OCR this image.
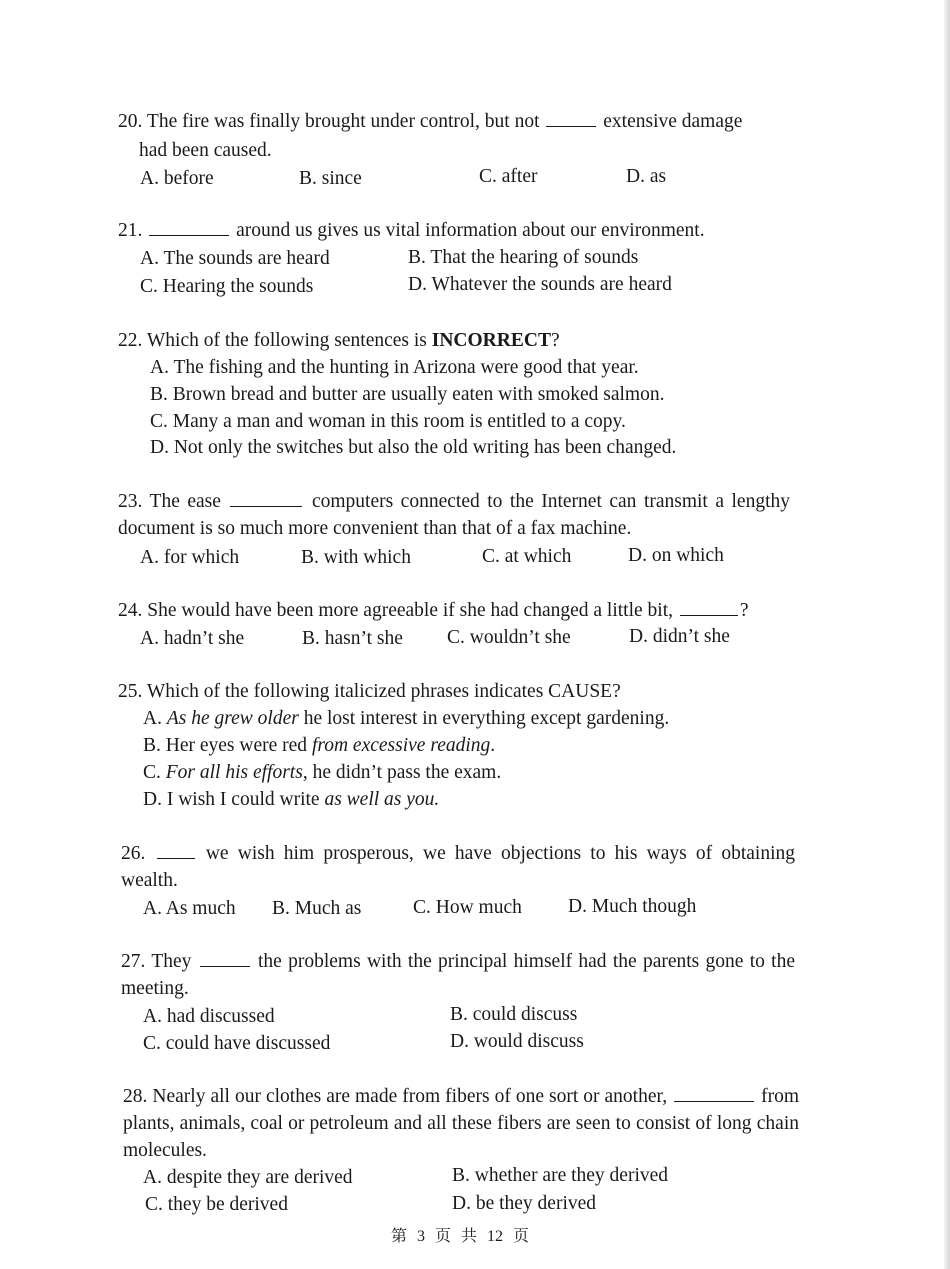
20. The fire was finally brought under control, but not	extensive damage
had been caused.
A. before	B. since	C. after	D. as
21.	around us gives us vital information about our environment.
A. The sounds are heard	B. That the hearing of sounds
C. Hearing the sounds	D. Whatever the sounds are heard
22. Which of the following sentences is INCORRECT?
A. The fishing and the hunting in Arizona were good that year.
B. Brown bread and butter are usually eaten with smoked salmon.
C. Many a man and woman in this room is entitled to a copy.
D. Not only the switches but also the old writing has been changed.
23. The ease	computers connected to the Internet can transmit a lengthy document is so much more convenient than that of a fax machine.
A. for which	B. with which	C. at which	D. on which
24. She would have been more agreeable if she had changed a little bit,	?
A. hadn’t she	B. hasn’t she C. wouldn’t she	D. didn’t she
25. Which of the following italicized phrases indicates CAUSE?
A. As he grew older he lost interest in everything except gardening.
B. Her eyes were red from excessive reading.
C. For all his efforts, he didn’t pass the exam.
D. I wish I could write as well as you.
26.	we wish him prosperous, we have objections to his ways of obtaining wealth.
A. As much B. Much as	C. How much D. Much though
27. They	the problems with the principal himself had the parents gone to the meeting.
A. had discussed	B. could discuss
C. could have discussed	D. would discuss
28. Nearly all our clothes are made from fibers of one sort or another,	from plants, animals, coal or petroleum and all these fibers are seen to consist of long chain molecules.
A. despite they are derived	B. whether are they derived
C. they be derived	D. be they derived
第 3 页 共 12 页
